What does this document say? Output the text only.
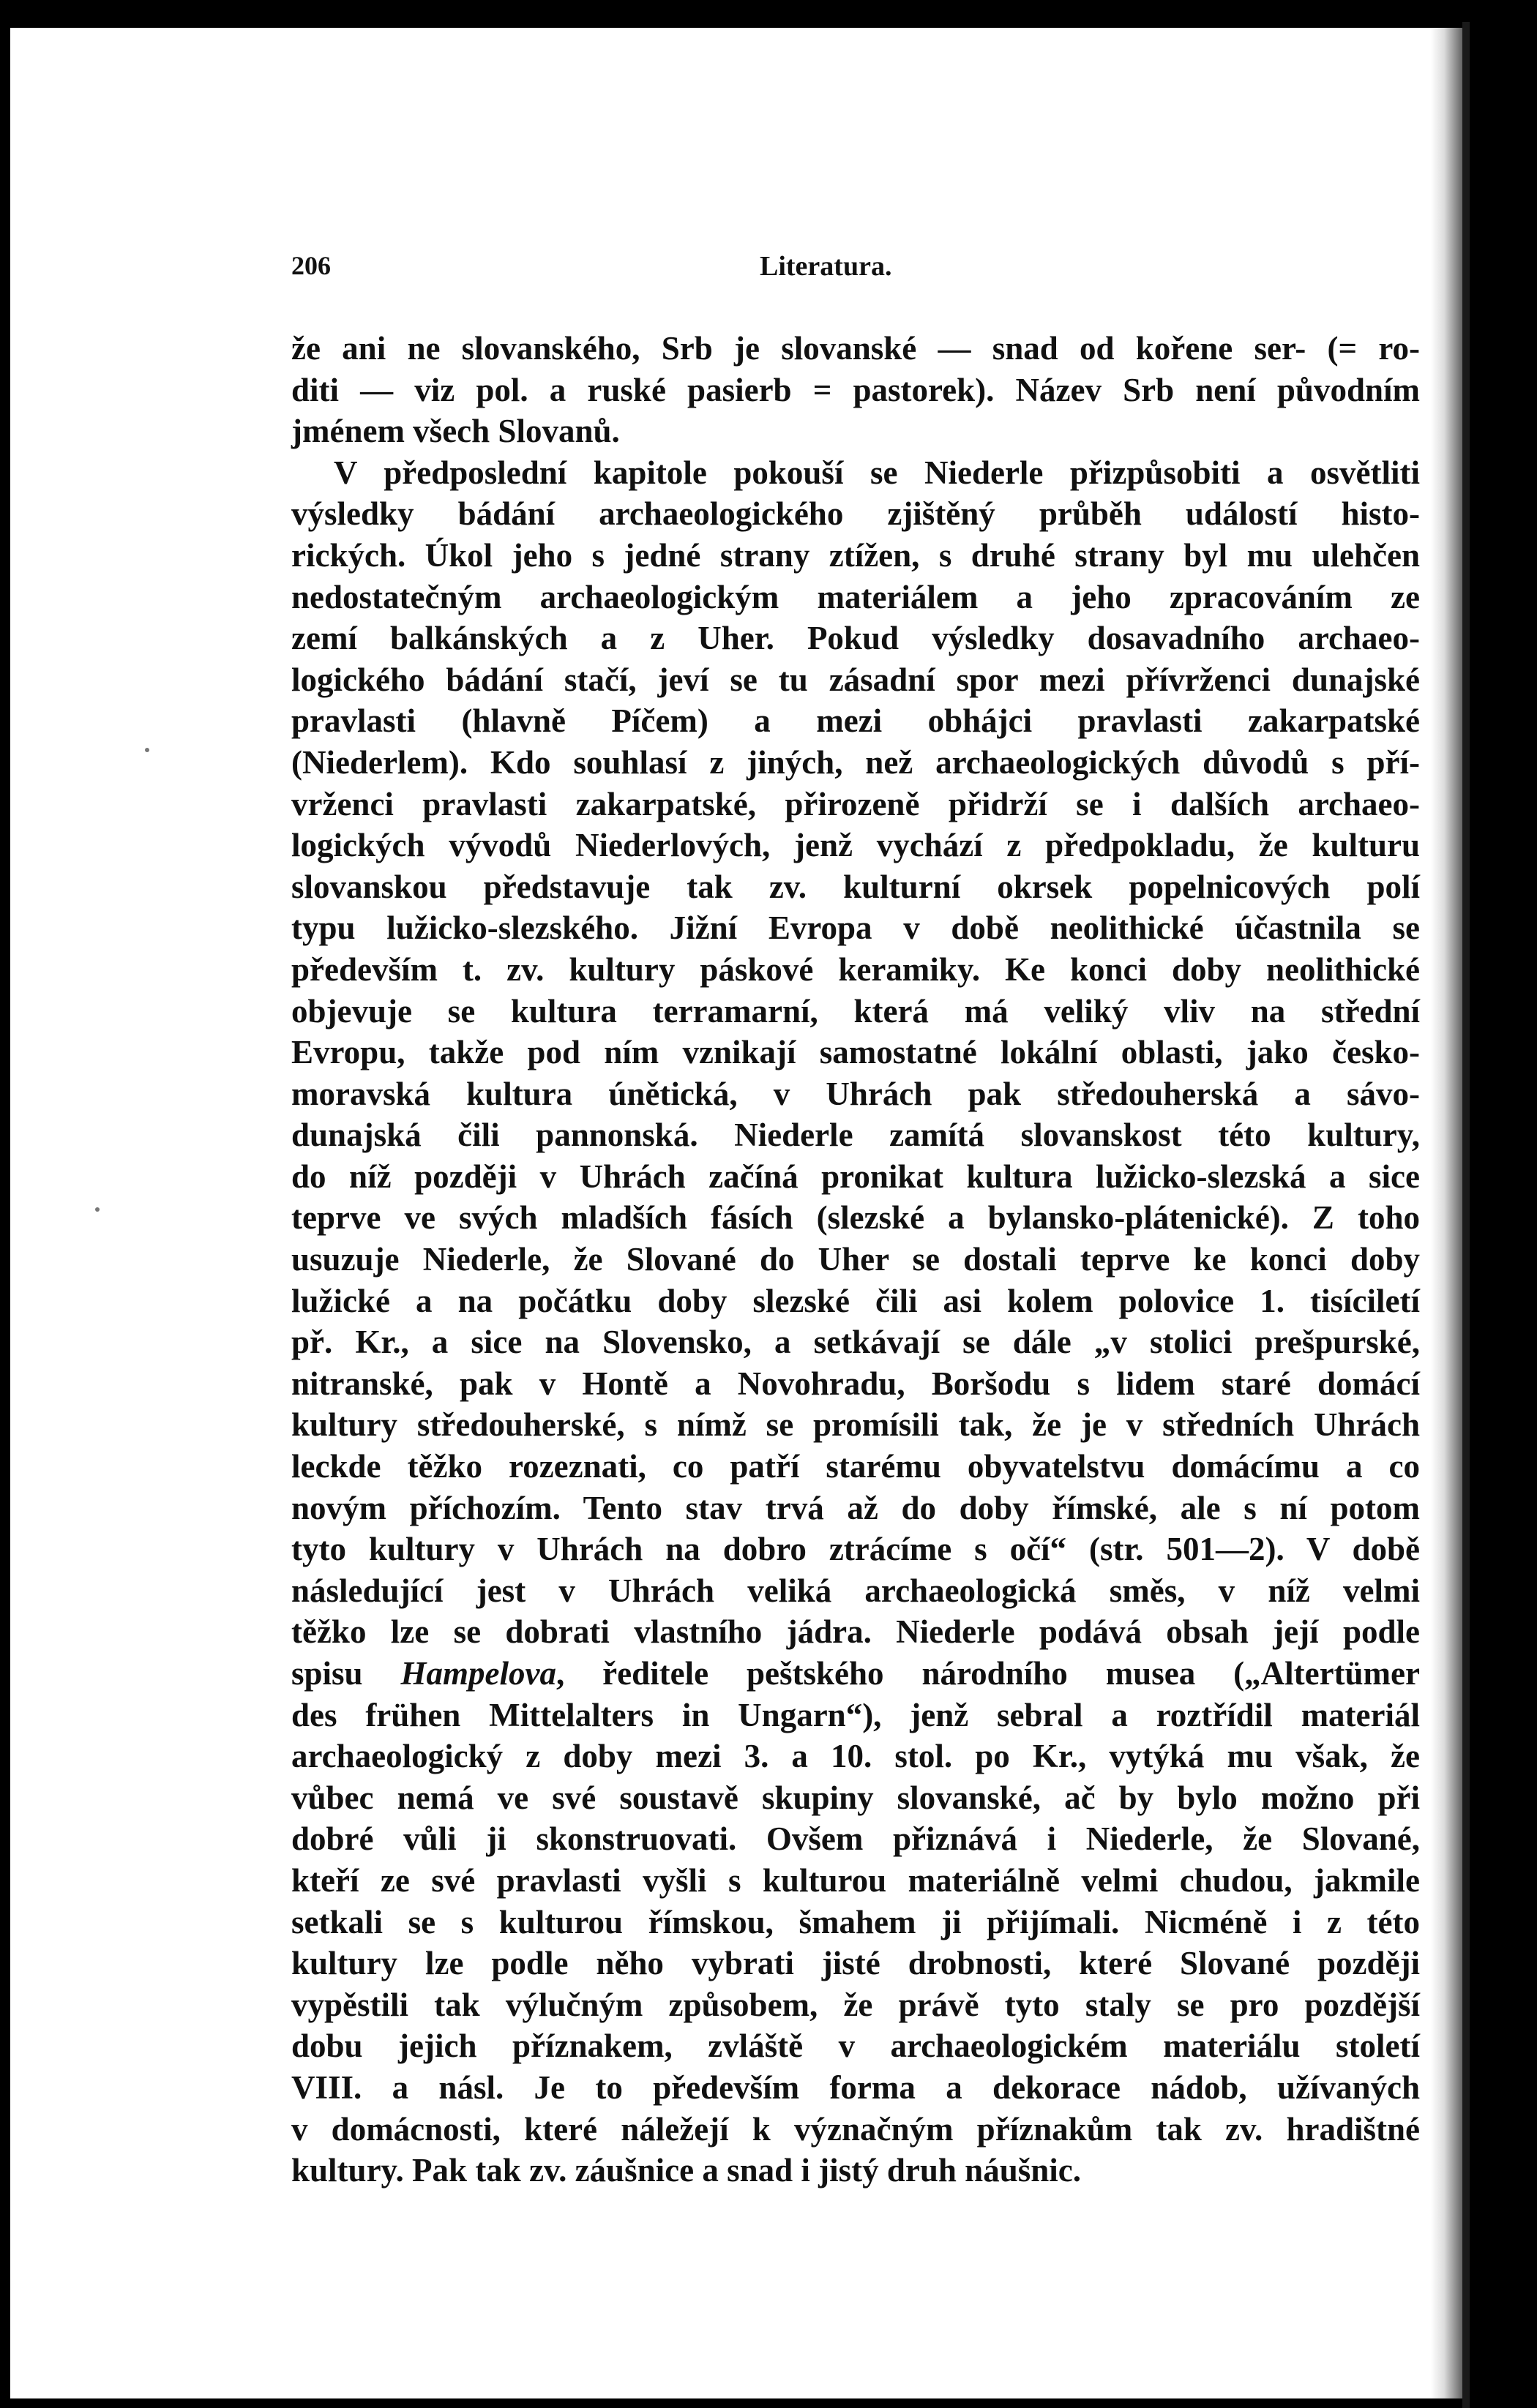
206	Literatura.
že ani ne slovanského, Srb je slovanské — snad od kořene ser- (= ro-
diti — viz pol. a ruské pasierb = pastorek). Název Srb není původním
jménem všech Slovanů.
V předposlední kapitole pokouší se Niederle přizpůsobiti a osvětliti
výsledky bádání archaeologického zjištěný průběh událostí histo-
rických. Úkol jeho s jedné strany ztížen, s druhé strany byl mu ulehčen
nedostatečným archaeologickým materiálem a jeho zpracováním ze
zemí balkánských a z Uher. Pokud výsledky dosavadního archaeo-
logického bádání stačí, jeví se tu zásadní spor mezi přívrženci dunajské
pravlasti (hlavně Píčem) a mezi obhájci pravlasti zakarpatské
(Niederlem). Kdo souhlasí z jiných, než archaeologických důvodů s pří-
vrženci pravlasti zakarpatské, přirozeně přidrží se i dalších archaeo-
logických vývodů Niederlových, jenž vychází z předpokladu, že kulturu
slovanskou představuje tak zv. kulturní okrsek popelnicových polí
typu lužicko-slezského. Jižní Evropa v době neolithické účastnila se
především t. zv. kultury páskové keramiky. Ke konci doby neolithické
objevuje se kultura terramarní, která má veliký vliv na střední
Evropu, takže pod ním vznikají samostatné lokální oblasti, jako česko-
moravská kultura únětická, v Uhrách pak středouherská a sávo-
dunajská čili pannonská. Niederle zamítá slovanskost této kultury,
do níž později v Uhrách začíná pronikat kultura lužicko-slezská a sice
teprve ve svých mladších fásích (slezské a bylansko-plátenické). Z toho
usuzuje Niederle, že Slované do Uher se dostali teprve ke konci doby
lužické a na počátku doby slezské čili asi kolem polovice 1. tisíciletí
př. Kr., a sice na Slovensko, a setkávají se dále „v stolici prešpurské,
nitranské, pak v Hontě a Novohradu, Boršodu s lidem staré domácí
kultury středouherské, s nímž se promísili tak, že je v středních Uhrách
leckde těžko rozeznati, co patří starému obyvatelstvu domácímu a co
novým příchozím. Tento stav trvá až do doby římské, ale s ní potom
tyto kultury v Uhrách na dobro ztrácíme s očí“ (str. 501—2). V době
následující jest v Uhrách veliká archaeologická směs, v níž velmi
těžko lze se dobrati vlastního jádra. Niederle podává obsah její podle
spisu Hampelova, ředitele peštského národního musea („Altertümer
des frühen Mittelalters in Ungarn“), jenž sebral a roztřídil materiál
archaeologický z doby mezi 3. a 10. stol. po Kr., vytýká mu však, že
vůbec nemá ve své soustavě skupiny slovanské, ač by bylo možno při
dobré vůli ji skonstruovati. Ovšem přiznává i Niederle, že Slované,
kteří ze své pravlasti vyšli s kulturou materiálně velmi chudou, jakmile
setkali se s kulturou římskou, šmahem ji přijímali. Nicméně i z této
kultury lze podle něho vybrati jisté drobnosti, které Slované později
vypěstili tak výlučným způsobem, že právě tyto staly se pro pozdější
dobu jejich příznakem, zvláště v archaeologickém materiálu století
VIII. a násl. Je to především forma a dekorace nádob, užívaných
v domácnosti, které náležejí k význačným příznakům tak zv. hradištné
kultury. Pak tak zv. záušnice a snad i jistý druh náušnic.
